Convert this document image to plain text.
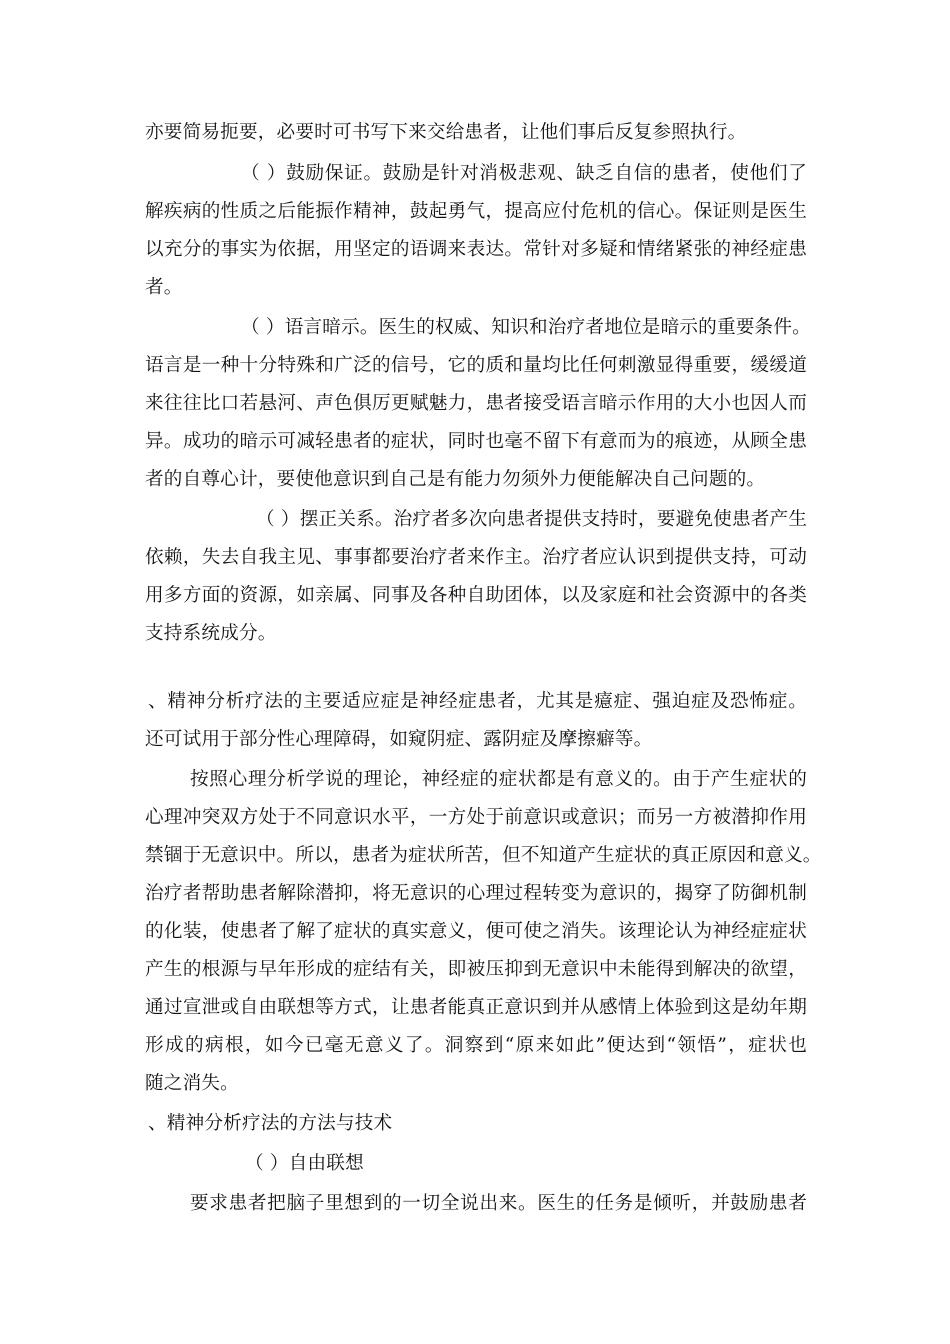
亦要简易扼要，必要时可书写下来交给患者，让他们事后反复参照执行。
（ ）鼓励保证。鼓励是针对消极悲观、缺乏自信的患者，使他们了
解疾病的性质之后能振作精神，鼓起勇气，提高应付危机的信心。保证则是医生
以充分的事实为依据，用坚定的语调来表达。常针对多疑和情绪紧张的神经症患
者。
（ ）语言暗示。医生的权威、知识和治疗者地位是暗示的重要条件。
语言是一种十分特殊和广泛的信号，它的质和量均比任何刺激显得重要，缓缓道
来往往比口若悬河、声色俱厉更赋魅力，患者接受语言暗示作用的大小也因人而
异。成功的暗示可减轻患者的症状，同时也毫不留下有意而为的痕迹，从顾全患
者的自尊心计，要使他意识到自己是有能力勿须外力便能解决自己问题的。
（ ）摆正关系。治疗者多次向患者提供支持时，要避免使患者产生
依赖，失去自我主见、事事都要治疗者来作主。治疗者应认识到提供支持，可动
用多方面的资源，如亲属、同事及各种自助团体，以及家庭和社会资源中的各类
支持系统成分。
、精神分析疗法的主要适应症是神经症患者，尤其是癔症、强迫症及恐怖症。
还可试用于部分性心理障碍，如窥阴症、露阴症及摩擦癖等。
按照心理分析学说的理论，神经症的症状都是有意义的。由于产生症状的
心理冲突双方处于不同意识水平，一方处于前意识或意识；而另一方被潜抑作用
禁锢于无意识中。所以，患者为症状所苦，但不知道产生症状的真正原因和意义。
治疗者帮助患者解除潜抑，将无意识的心理过程转变为意识的，揭穿了防御机制
的化装，使患者了解了症状的真实意义，便可使之消失。该理论认为神经症症状
产生的根源与早年形成的症结有关，即被压抑到无意识中未能得到解决的欲望，
通过宣泄或自由联想等方式，让患者能真正意识到并从感情上体验到这是幼年期
形成的病根，如今已毫无意义了。洞察到“原来如此”便达到“领悟”，症状也
随之消失。
、精神分析疗法的方法与技术
（ ）自由联想
要求患者把脑子里想到的一切全说出来。医生的任务是倾听，并鼓励患者
